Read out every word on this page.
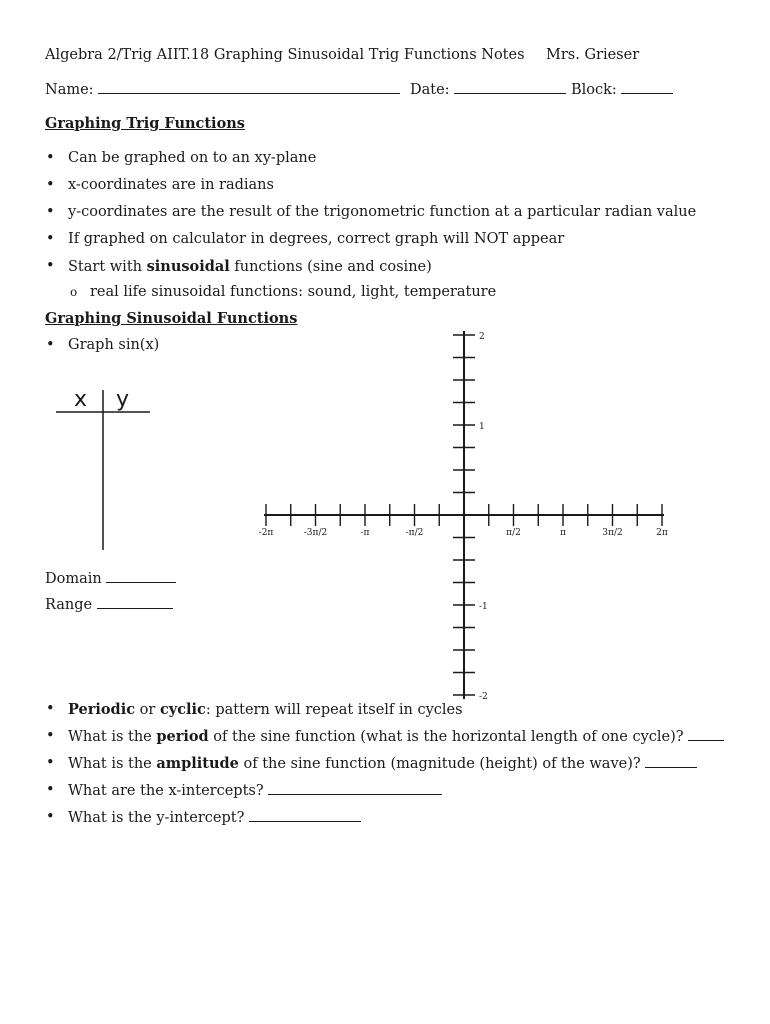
Algebra 2/Trig AIIT.18 Graphing Sinusoidal Trig Functions Notes Mrs. Grieser
Name:	Date:	Block:
Graphing Trig Functions
• Can be graphed on to an xy-plane
• x-coordinates are in radians
• y-coordinates are the result of the trigonometric function at a particular radian value
• If graphed on calculator in degrees, correct graph will NOT appear
• Start with sinusoidal functions (sine and cosine)
o real life sinusoidal functions: sound, light, temperature
Graphing Sinusoidal Functions
• Graph sin(x)
x y
Domain
Range
-2π	-3π/2	-π	-π/2	π/2	π	3π/2	2π
2
1
-1
-2
• Periodic or cyclic: pattern will repeat itself in cycles
• What is the period of the sine function (what is the horizontal length of one cycle)?
• What is the amplitude of the sine function (magnitude (height) of the wave)?
• What are the x-intercepts?
• What is the y-intercept?
